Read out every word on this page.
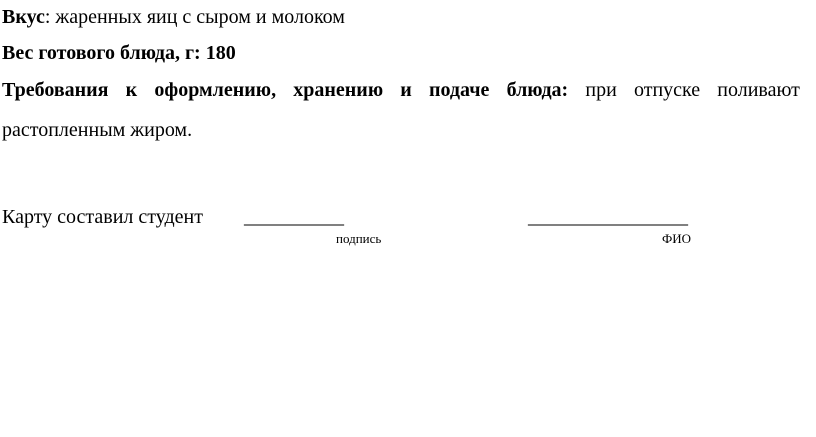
Вкус: жаренных яиц с сыром и молоком
Вес готового блюда, г: 180
Требования к оформлению, хранению и подаче блюда: при отпуске поливают
растопленным жиром.
Карту составил студент __________	________________
подпись	ФИО
